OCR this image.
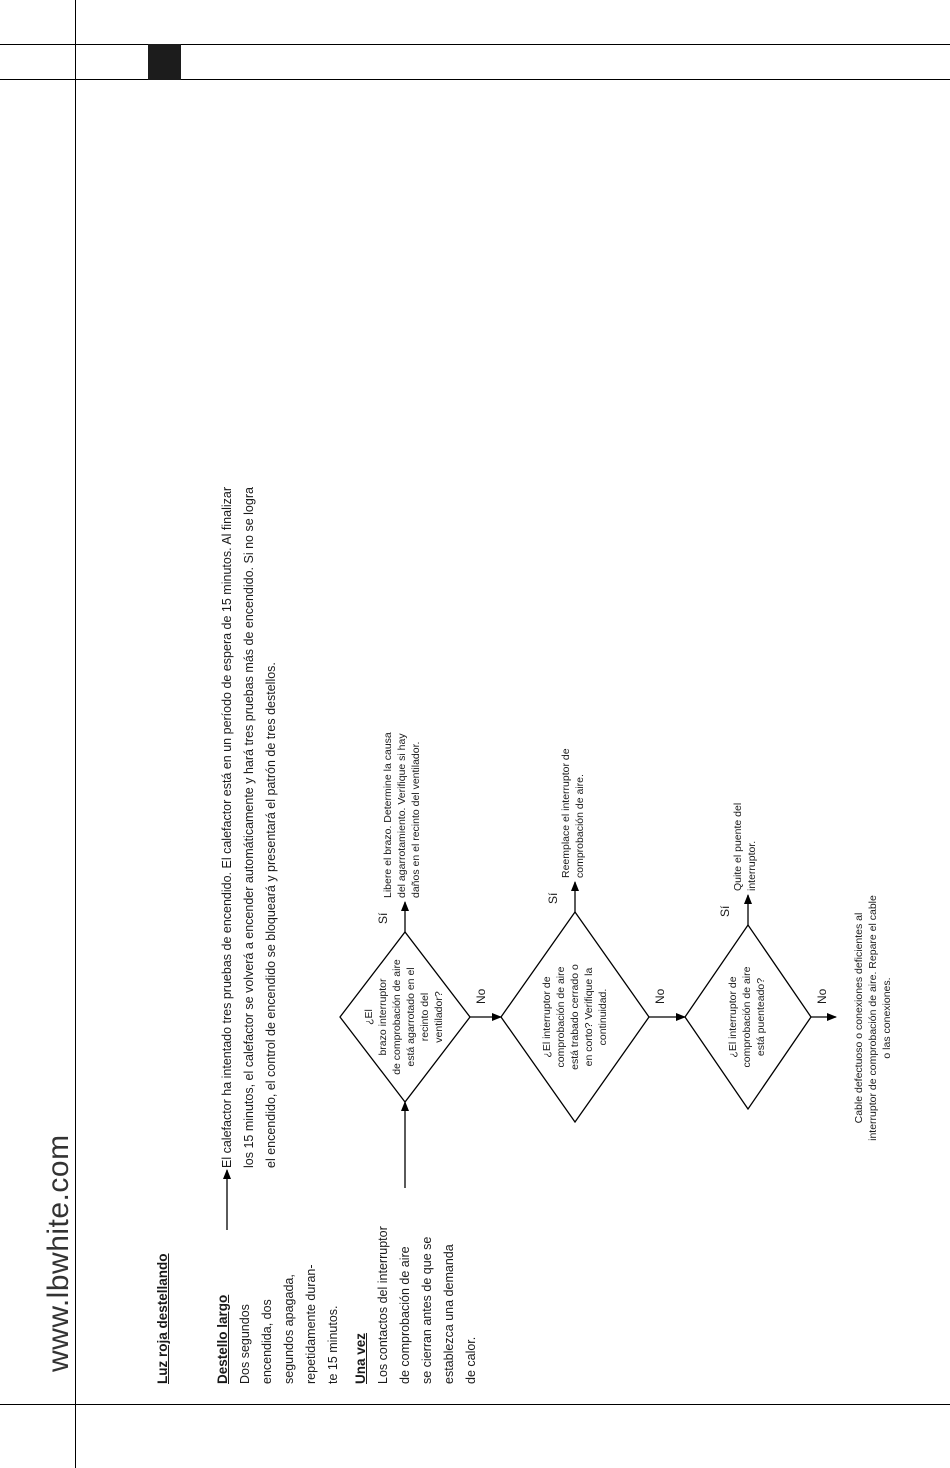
www.lbwhite.com	Luz roja destellando	Destello largo Dos segundos encendida, dos segundos apagada, repetidamente duran- te 15 minutos. Una vez Los contactos del interruptor de comprobación de aire se cierran antes de que se establezca una demanda de calor.
El calefactor ha intentado tres pruebas de encendido. El calefactor está en un período de espera de 15 minutos. Al finalizar los 15 minutos, el calefactor se volverá a encender automáticamente y hará tres pruebas más de encendido. Si no se logra el encendido, el control de encendido se bloqueará y presentará el patrón de tres destellos.	¿El brazo interruptor de comprobación de aire está agarrotado en el recinto del ventilador?	¿El interruptor de comprobación de aire está trabado cerrado o en corto? Verifique la continuidad.	¿El interruptor de comprobación de aire está puenteado?
Sí
Sí
Sí
No	No	No
Libere el brazo. Determine la causa del agarrotamiento. Verifique si hay daños en el recinto del ventilador.	Reemplace el interruptor de comprobación de aire.	Quite el puente del interruptor.
Cable defectuoso o conexiones deficientes al interruptor de comprobación de aire. Repare el cable o las conexiones.
